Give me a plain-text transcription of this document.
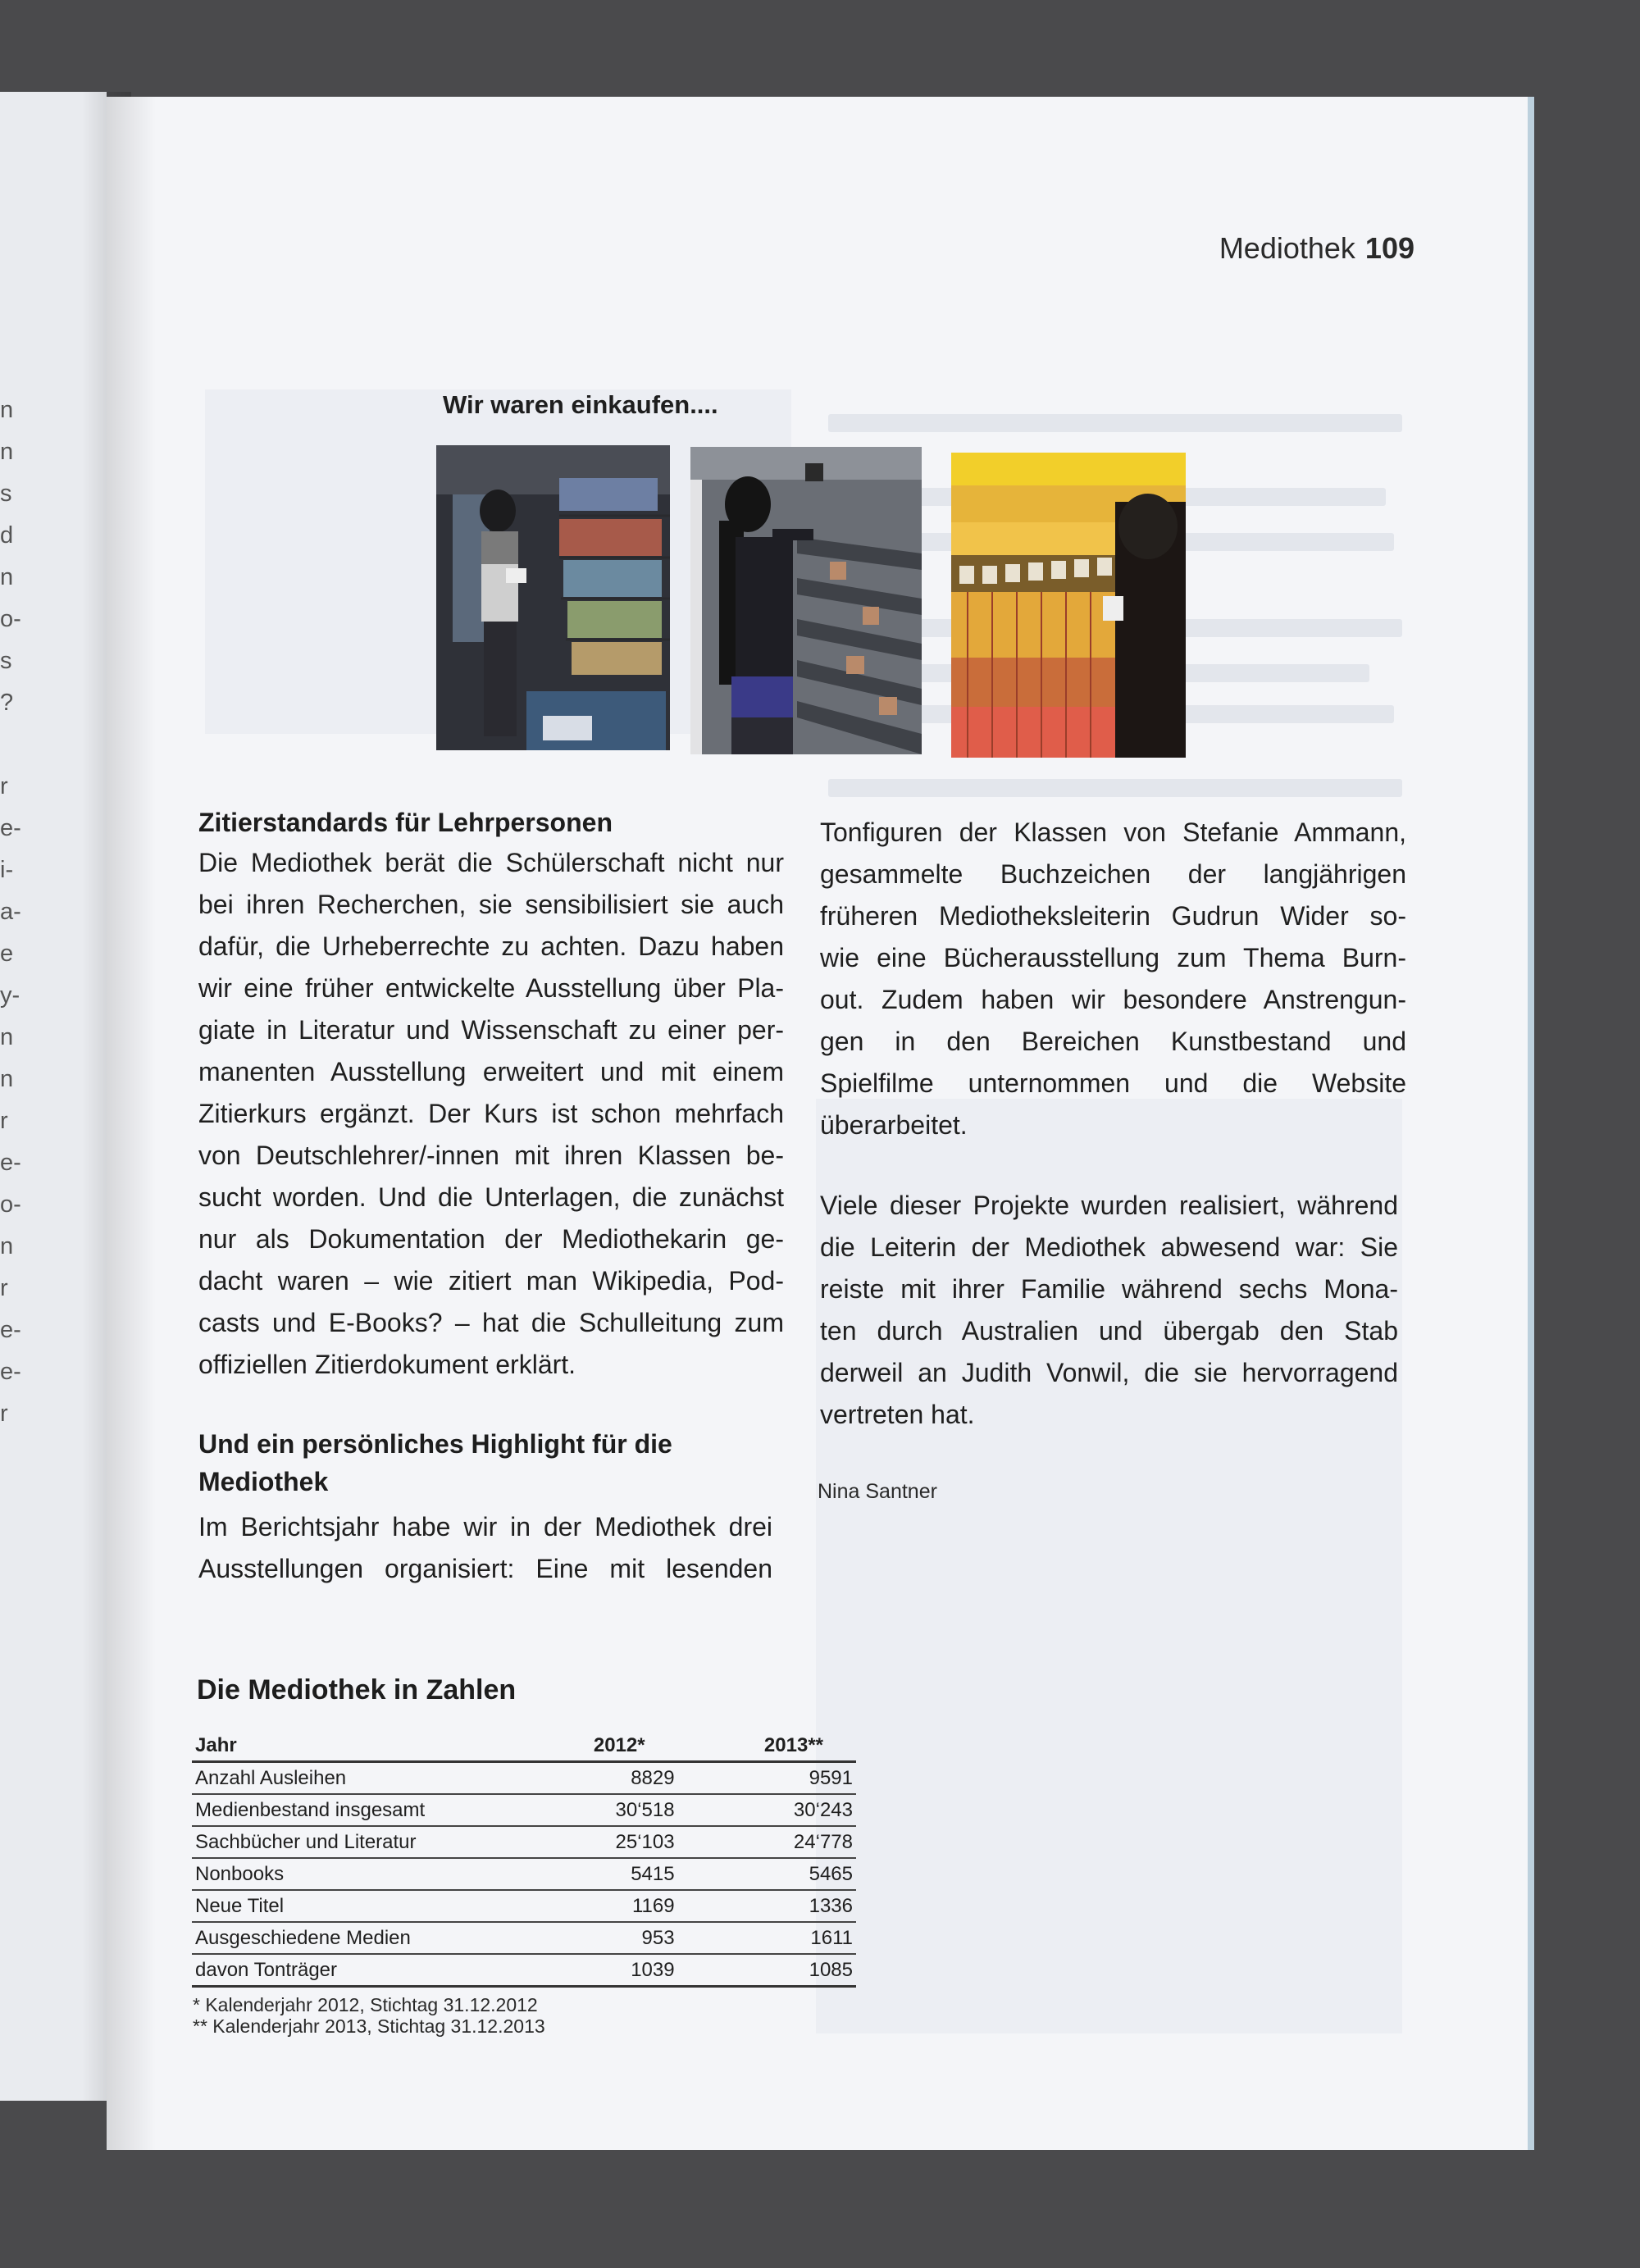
n
n
s
d
n
o-
s
?

r
e-
i-
a-
e
y-
n
n
r
e-
o-
n
r
e-
e-
r
Mediothek 109
Wir waren einkaufen....
Zitierstandards für Lehrpersonen
Die Mediothek berät die Schülerschaft nicht nur
bei ihren Recherchen, sie sensibilisiert sie auch
dafür, die Urheberrechte zu achten. Dazu haben
wir eine früher entwickelte Ausstellung über Pla-
giate in Literatur und Wissenschaft zu einer per-
manenten Ausstellung erweitert und mit einem
Zitierkurs ergänzt. Der Kurs ist schon mehrfach
von Deutschlehrer/-innen mit ihren Klassen be-
sucht worden. Und die Unterlagen, die zunächst
nur als Dokumentation der Mediothekarin ge-
dacht waren – wie zitiert man Wikipedia, Pod-
casts und E-Books? – hat die Schulleitung zum
offiziellen Zitierdokument erklärt.
Und ein persönliches Highlight für die
Mediothek
Im Berichtsjahr habe wir in der Mediothek drei
Ausstellungen organisiert: Eine mit lesenden
Tonfiguren der Klassen von Stefanie Ammann,
gesammelte Buchzeichen der langjährigen
früheren Mediotheksleiterin Gudrun Wider so-
wie eine Bücherausstellung zum Thema Burn-
out. Zudem haben wir besondere Anstrengun-
gen in den Bereichen Kunstbestand und
Spielfilme unternommen und die Website
überarbeitet.
Viele dieser Projekte wurden realisiert, während
die Leiterin der Mediothek abwesend war: Sie
reiste mit ihrer Familie während sechs Mona-
ten durch Australien und übergab den Stab
derweil an Judith Vonwil, die sie hervorragend
vertreten hat.
Nina Santner
Die Mediothek in Zahlen
Jahr	2012*	2013**
Anzahl Ausleihen	8829	9591
Medienbestand insgesamt	30‘518	30‘243
Sachbücher und Literatur	25‘103	24‘778
Nonbooks	5415	5465
Neue Titel	1169	1336
Ausgeschiedene Medien	953	1611
davon Tonträger	1039	1085
* Kalenderjahr 2012, Stichtag 31.12.2012
** Kalenderjahr 2013, Stichtag 31.12.2013
